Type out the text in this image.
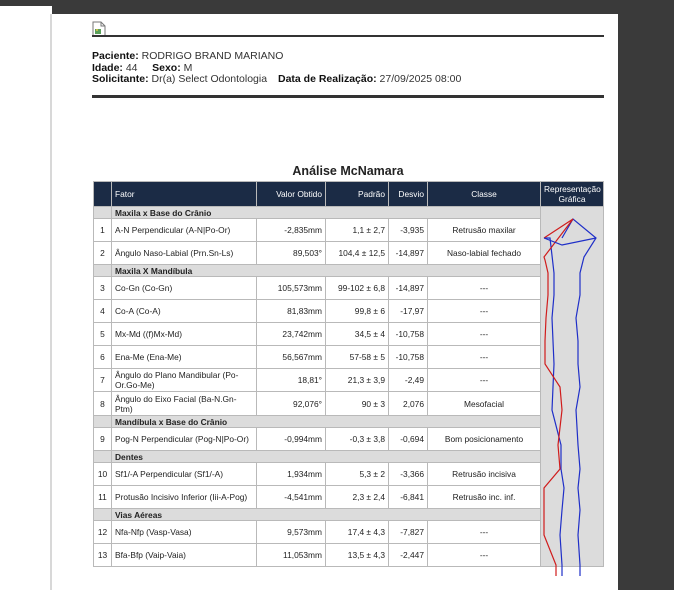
Paciente: RODRIGO BRAND MARIANO
Idade: 44 Sexo: M
Solicitante: Dr(a) Select Odontologia Data de Realização: 27/09/2025 08:00
Análise McNamara
	Fator	Valor Obtido	Padrão	Desvio	Classe	Representação Gráfica
	Maxila x Base do Crânio					
1	A-N Perpendicular (A-N|Po-Or)	-2,835mm	1,1 ± 2,7	-3,935	Retrusão maxilar	
2	Ângulo Naso-Labial (Prn.Sn-Ls)	89,503°	104,4 ± 12,5	-14,897	Naso-labial fechado	
	Maxila X Mandíbula					
3	Co-Gn (Co-Gn)	105,573mm	99-102 ± 6,8	-14,897	---	
4	Co-A (Co-A)	81,83mm	99,8 ± 6	-17,97	---	
5	Mx-Md ((f)Mx-Md)	23,742mm	34,5 ± 4	-10,758	---	
6	Ena-Me (Ena-Me)	56,567mm	57-58 ± 5	-10,758	---	
7	Ângulo do Plano Mandibular (Po-Or.Go-Me)	18,81°	21,3 ± 3,9	-2,49	---	
8	Ângulo do Eixo Facial (Ba-N.Gn-Ptm)	92,076°	90 ± 3	2,076	Mesofacial	
	Mandíbula x Base do Crânio					
9	Pog-N Perpendicular (Pog-N|Po-Or)	-0,994mm	-0,3 ± 3,8	-0,694	Bom posicionamento	
	Dentes					
10	Sf1/-A Perpendicular (Sf1/-A)	1,934mm	5,3 ± 2	-3,366	Retrusão incisiva	
11	Protusão Incisivo Inferior (Iii-A-Pog)	-4,541mm	2,3 ± 2,4	-6,841	Retrusão inc. inf.	
	Vias Aéreas					
12	Nfa-Nfp (Vasp-Vasa)	9,573mm	17,4 ± 4,3	-7,827	---	
13	Bfa-Bfp (Vaip-Vaia)	11,053mm	13,5 ± 4,3	-2,447	---	
